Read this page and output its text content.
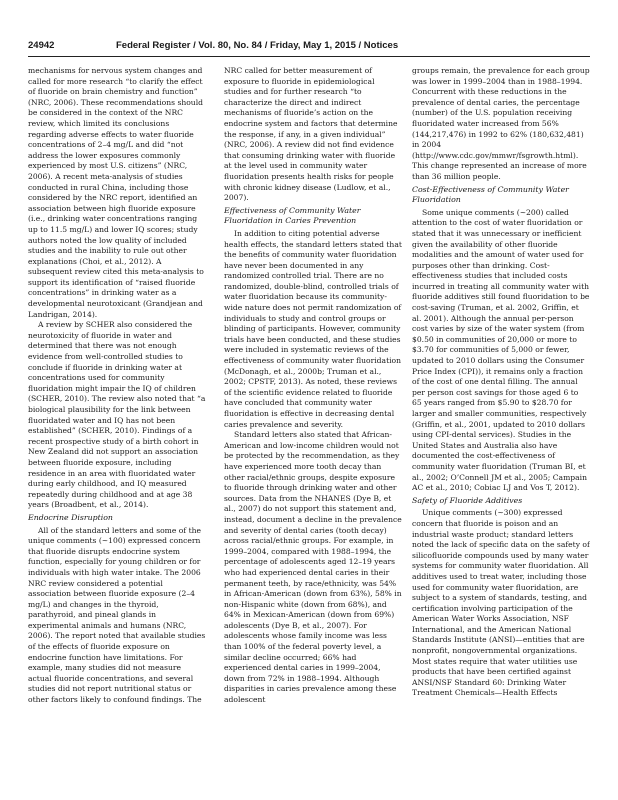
24942	Federal Register / Vol. 80, No. 84 / Friday, May 1, 2015 / Notices

mechanisms for nervous system changes and called for more research “to clarify the effect of fluoride on brain chemistry and function” (NRC, 2006). These recommendations should be considered in the context of the NRC review, which limited its conclusions regarding adverse effects to water fluoride concentrations of 2–4 mg/L and did “not address the lower exposures commonly experienced by most U.S. citizens” (NRC, 2006). A recent meta-analysis of studies conducted in rural China, including those considered by the NRC report, identified an association between high fluoride exposure (i.e., drinking water concentrations ranging up to 11.5 mg/L) and lower IQ scores; study authors noted the low quality of included studies and the inability to rule out other explanations (Choi, et al., 2012). A subsequent review cited this meta-analysis to support its identification of “raised fluoride concentrations” in drinking water as a developmental neurotoxicant (Grandjean and Landrigan, 2014).

A review by SCHER also considered the neurotoxicity of fluoride in water and determined that there was not enough evidence from well-controlled studies to conclude if fluoride in drinking water at concentrations used for community fluoridation might impair the IQ of children (SCHER, 2010). The review also noted that “a biological plausibility for the link between fluoridated water and IQ has not been established” (SCHER, 2010). Findings of a recent prospective study of a birth cohort in New Zealand did not support an association between fluoride exposure, including residence in an area with fluoridated water during early childhood, and IQ measured repeatedly during childhood and at age 38 years (Broadbent, et al., 2014).

Endocrine Disruption

All of the standard letters and some of the unique comments (~100) expressed concern that fluoride disrupts endocrine system function, especially for young children or for individuals with high water intake. The 2006 NRC review considered a potential association between fluoride exposure (2–4 mg/L) and changes in the thyroid, parathyroid, and pineal glands in experimental animals and humans (NRC, 2006). The report noted that available studies of the effects of fluoride exposure on endocrine function have limitations. For example, many studies did not measure actual fluoride concentrations, and several studies did not report nutritional status or other factors likely to confound findings. The

NRC called for better measurement of exposure to fluoride in epidemiological studies and for further research “to characterize the direct and indirect mechanisms of fluoride’s action on the endocrine system and factors that determine the response, if any, in a given individual” (NRC, 2006). A review did not find evidence that consuming drinking water with fluoride at the level used in community water fluoridation presents health risks for people with chronic kidney disease (Ludlow, et al., 2007).

Effectiveness of Community Water Fluoridation in Caries Prevention

In addition to citing potential adverse health effects, the standard letters stated that the benefits of community water fluoridation have never been documented in any randomized controlled trial. There are no randomized, double-blind, controlled trials of water fluoridation because its community-wide nature does not permit randomization of individuals to study and control groups or blinding of participants. However, community trials have been conducted, and these studies were included in systematic reviews of the effectiveness of community water fluoridation (McDonagh, et al., 2000b; Truman et al., 2002; CPSTF, 2013). As noted, these reviews of the scientific evidence related to fluoride have concluded that community water fluoridation is effective in decreasing dental caries prevalence and severity.

Standard letters also stated that African-American and low-income children would not be protected by the recommendation, as they have experienced more tooth decay than other racial/ethnic groups, despite exposure to fluoride through drinking water and other sources. Data from the NHANES (Dye B, et al., 2007) do not support this statement and, instead, document a decline in the prevalence and severity of dental caries (tooth decay) across racial/ethnic groups. For example, in 1999–2004, compared with 1988–1994, the percentage of adolescents aged 12–19 years who had experienced dental caries in their permanent teeth, by race/ethnicity, was 54% in African-American (down from 63%), 58% in non-Hispanic white (down from 68%), and 64% in Mexican-American (down from 69%) adolescents (Dye B, et al., 2007). For adolescents whose family income was less than 100% of the federal poverty level, a similar decline occurred; 66% had experienced dental caries in 1999–2004, down from 72% in 1988–1994. Although disparities in caries prevalence among these adolescent

groups remain, the prevalence for each group was lower in 1999–2004 than in 1988–1994. Concurrent with these reductions in the prevalence of dental caries, the percentage (number) of the U.S. population receiving fluoridated water increased from 56% (144,217,476) in 1992 to 62% (180,632,481) in 2004 (http://www.cdc.gov/mmwr/fsgrowth.html). This change represented an increase of more than 36 million people.

Cost-Effectiveness of Community Water Fluoridation

Some unique comments (~200) called attention to the cost of water fluoridation or stated that it was unnecessary or inefficient given the availability of other fluoride modalities and the amount of water used for purposes other than drinking. Cost-effectiveness studies that included costs incurred in treating all community water with fluoride additives still found fluoridation to be cost-saving (Truman, et al. 2002, Griffin, et al. 2001). Although the annual per-person cost varies by size of the water system (from $0.50 in communities of 20,000 or more to $3.70 for communities of 5,000 or fewer, updated to 2010 dollars using the Consumer Price Index (CPI)), it remains only a fraction of the cost of one dental filling. The annual per person cost savings for those aged 6 to 65 years ranged from $5.90 to $28.70 for larger and smaller communities, respectively (Griffin, et al., 2001, updated to 2010 dollars using CPI-dental services). Studies in the United States and Australia also have documented the cost-effectiveness of community water fluoridation (Truman BI, et al., 2002; O’Connell JM et al., 2005; Campain AC et al., 2010; Cobiac LJ and Vos T, 2012).

Safety of Fluoride Additives

Unique comments (~300) expressed concern that fluoride is poison and an industrial waste product; standard letters noted the lack of specific data on the safety of silicofluoride compounds used by many water systems for community water fluoridation. All additives used to treat water, including those used for community water fluoridation, are subject to a system of standards, testing, and certification involving participation of the American Water Works Association, NSF International, and the American National Standards Institute (ANSI)—entities that are nonprofit, nongovernmental organizations. Most states require that water utilities use products that have been certified against ANSI/NSF Standard 60: Drinking Water Treatment Chemicals—Health Effects
